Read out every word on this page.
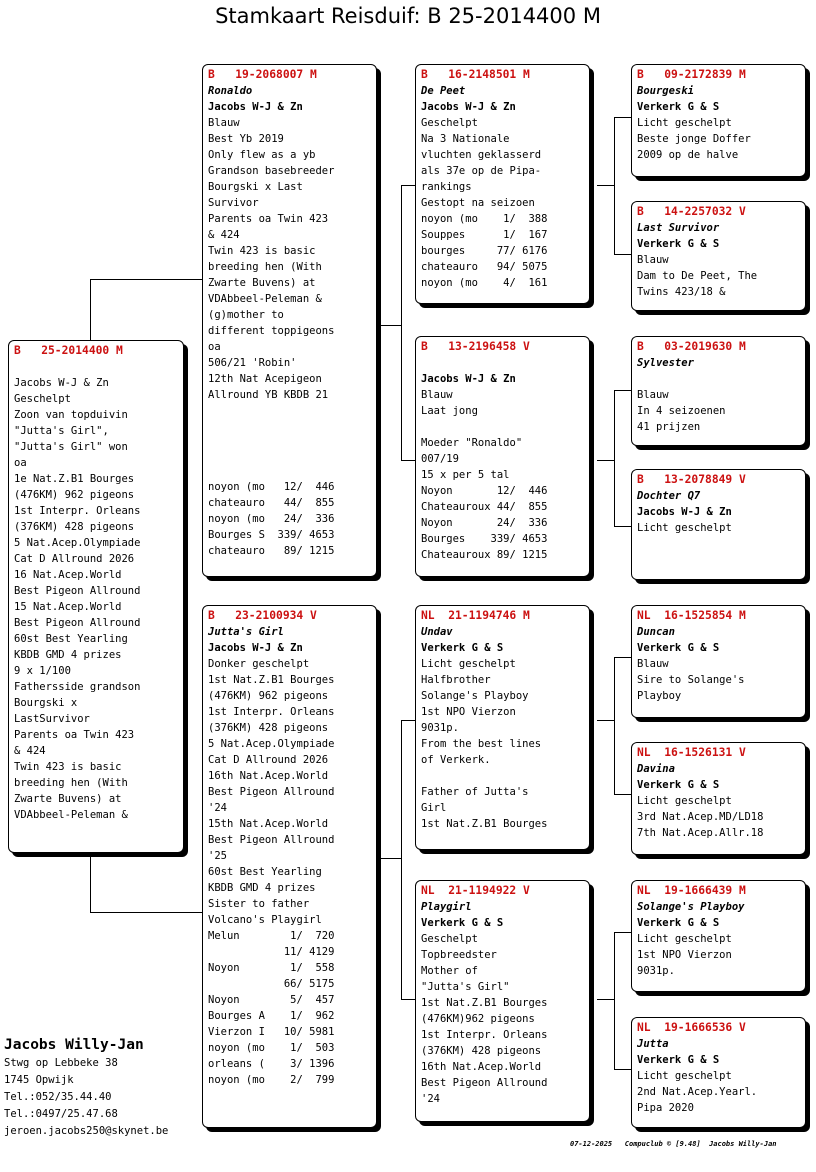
Stamkaart Reisduif: B 25-2014400 M
B   25-2014400 M

Jacobs W-J & Zn
Geschelpt
Zoon van topduivin
"Jutta's Girl",
"Jutta's Girl" won
oa
1e Nat.Z.B1 Bourges
(476KM) 962 pigeons
1st Interpr. Orleans
(376KM) 428 pigeons
5 Nat.Acep.Olympiade
Cat D Allround 2026
16 Nat.Acep.World
Best Pigeon Allround
15 Nat.Acep.World
Best Pigeon Allround
60st Best Yearling
KBDB GMD 4 prizes
9 x 1/100
Fathersside grandson
Bourgski x
LastSurvivor
Parents oa Twin 423
& 424
Twin 423 is basic
breeding hen (With
Zwarte Buvens) at
VDAbbeel-Peleman &
B   19-2068007 M
Ronaldo
Jacobs W-J & Zn
Blauw
Best Yb 2019
Only flew as a yb
Grandson basebreeder
Bourgski x Last
Survivor
Parents oa Twin 423
& 424
Twin 423 is basic
breeding hen (With
Zwarte Buvens) at
VDAbbeel-Peleman &
(g)mother to
different toppigeons
oa
506/21 'Robin'
12th Nat Acepigeon
Allround YB KBDB 21
noyon (mo   12/  446
chateauro   44/  855
noyon (mo   24/  336
Bourges S  339/ 4653
chateauro   89/ 1215
B   23-2100934 V
Jutta's Girl
Jacobs W-J & Zn
Donker geschelpt
1st Nat.Z.B1 Bourges
(476KM) 962 pigeons
1st Interpr. Orleans
(376KM) 428 pigeons
5 Nat.Acep.Olympiade
Cat D Allround 2026
16th Nat.Acep.World
Best Pigeon Allround
'24
15th Nat.Acep.World
Best Pigeon Allround
'25
60st Best Yearling
KBDB GMD 4 prizes
Sister to father
Volcano's Playgirl
Melun        1/  720
11/ 4129
Noyon        1/  558
66/ 5175
Noyon        5/  457
Bourges A    1/  962
Vierzon I   10/ 5981
noyon (mo    1/  503
orleans (    3/ 1396
noyon (mo    2/  799
B   16-2148501 M
De Peet
Jacobs W-J & Zn
Geschelpt
Na 3 Nationale
vluchten geklasserd
als 37e op de Pipa-
rankings
Gestopt na seizoen
noyon (mo    1/  388
Souppes      1/  167
bourges     77/ 6176
chateauro   94/ 5075
noyon (mo    4/  161
B   13-2196458 V

Jacobs W-J & Zn
Blauw
Laat jong

Moeder "Ronaldo"
007/19
15 x per 5 tal
Noyon       12/  446
Chateauroux 44/  855
Noyon       24/  336
Bourges    339/ 4653
Chateauroux 89/ 1215
NL  21-1194746 M
Undav
Verkerk G & S
Licht geschelpt
Halfbrother
Solange's Playboy
1st NPO Vierzon
9031p.
From the best lines
of Verkerk.

Father of Jutta's
Girl
1st Nat.Z.B1 Bourges
NL  21-1194922 V
Playgirl
Verkerk G & S
Geschelpt
Topbreedster
Mother of
"Jutta's Girl"
1st Nat.Z.B1 Bourges
(476KM)962 pigeons
1st Interpr. Orleans
(376KM) 428 pigeons
16th Nat.Acep.World
Best Pigeon Allround
'24
B   09-2172839 M
Bourgeski
Verkerk G & S
Licht geschelpt
Beste jonge Doffer
2009 op de halve
B   14-2257032 V
Last Survivor
Verkerk G & S
Blauw
Dam to De Peet, The
Twins 423/18 &
B   03-2019630 M
Sylvester

Blauw
In 4 seizoenen
41 prijzen
B   13-2078849 V
Dochter Q7
Jacobs W-J & Zn
Licht geschelpt
NL  16-1525854 M
Duncan
Verkerk G & S
Blauw
Sire to Solange's
Playboy
NL  16-1526131 V
Davina
Verkerk G & S
Licht geschelpt
3rd Nat.Acep.MD/LD18
7th Nat.Acep.Allr.18
NL  19-1666439 M
Solange's Playboy
Verkerk G & S
Licht geschelpt
1st NPO Vierzon
9031p.
NL  19-1666536 V
Jutta
Verkerk G & S
Licht geschelpt
2nd Nat.Acep.Yearl.
Pipa 2020
Jacobs Willy-Jan
Stwg op Lebbeke 38
1745 Opwijk
Tel.:052/35.44.40
Tel.:0497/25.47.68
jeroen.jacobs250@skynet.be
07-12-2025   Compuclub © [9.48]  Jacobs Willy-Jan
